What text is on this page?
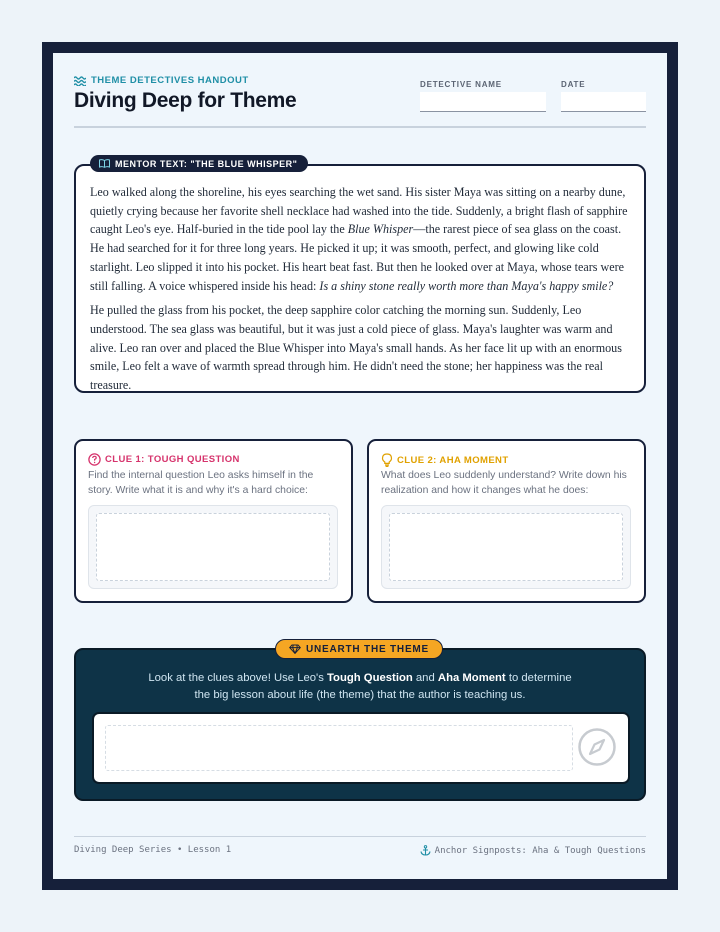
THEME DETECTIVES HANDOUT
Diving Deep for Theme
DETECTIVE NAME	DATE
MENTOR TEXT: "THE BLUE WHISPER"

Leo walked along the shoreline, his eyes searching the wet sand. His sister Maya was sitting on a nearby dune, quietly crying because her favorite shell necklace had washed into the tide. Suddenly, a bright flash of sapphire caught Leo's eye. Half-buried in the tide pool lay the Blue Whisper—the rarest piece of sea glass on the coast. He had searched for it for three long years. He picked it up; it was smooth, perfect, and glowing like cold starlight. Leo slipped it into his pocket. His heart beat fast. But then he looked over at Maya, whose tears were still falling. A voice whispered inside his head: Is a shiny stone really worth more than Maya's happy smile?

He pulled the glass from his pocket, the deep sapphire color catching the morning sun. Suddenly, Leo understood. The sea glass was beautiful, but it was just a cold piece of glass. Maya's laughter was warm and alive. Leo ran over and placed the Blue Whisper into Maya's small hands. As her face lit up with an enormous smile, Leo felt a wave of warmth spread through him. He didn't need the stone; her happiness was the real treasure.

CLUE 1: TOUGH QUESTION
Find the internal question Leo asks himself in the story. Write what it is and why it's a hard choice:
CLUE 2: AHA MOMENT
What does Leo suddenly understand? Write down his realization and how it changes what he does:
UNEARTH THE THEME
Look at the clues above! Use Leo's Tough Question and Aha Moment to determine the big lesson about life (the theme) that the author is teaching us.
Diving Deep Series • Lesson 1	Anchor Signposts: Aha & Tough Questions
